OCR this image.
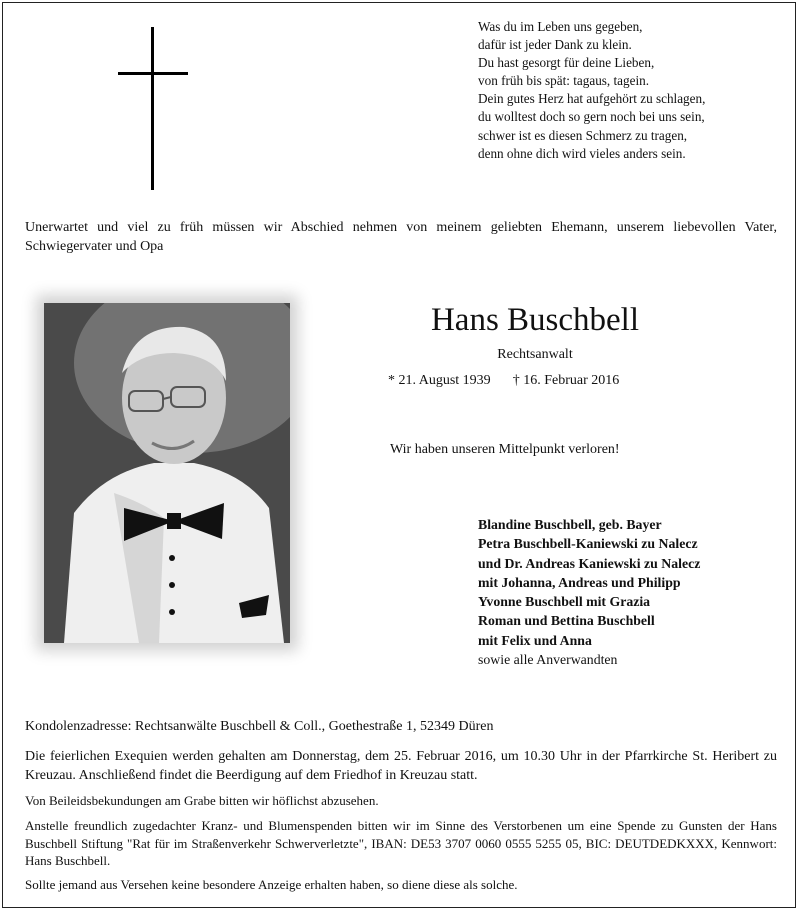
Was du im Leben uns gegeben,
dafür ist jeder Dank zu klein.
Du hast gesorgt für deine Lieben,
von früh bis spät: tagaus, tagein.
Dein gutes Herz hat aufgehört zu schlagen,
du wolltest doch so gern noch bei uns sein,
schwer ist es diesen Schmerz zu tragen,
denn ohne dich wird vieles anders sein.
Unerwartet und viel zu früh müssen wir Abschied nehmen von meinem geliebten Ehemann, unserem liebevollen Vater, Schwiegervater und Opa
Hans Buschbell
Rechtsanwalt
* 21. August 1939 † 16. Februar 2016
Wir haben unseren Mittelpunkt verloren!
Blandine Buschbell, geb. Bayer
Petra Buschbell-Kaniewski zu Nalecz
und Dr. Andreas Kaniewski zu Nalecz
mit Johanna, Andreas und Philipp
Yvonne Buschbell mit Grazia
Roman und Bettina Buschbell
mit Felix und Anna
sowie alle Anverwandten
Kondolenzadresse: Rechtsanwälte Buschbell & Coll., Goethestraße 1, 52349 Düren
Die feierlichen Exequien werden gehalten am Donnerstag, dem 25. Februar 2016, um 10.30 Uhr in der Pfarrkirche St. Heribert zu Kreuzau. Anschließend findet die Beerdigung auf dem Friedhof in Kreuzau statt.
Von Beileidsbekundungen am Grabe bitten wir höflichst abzusehen.
Anstelle freundlich zugedachter Kranz- und Blumenspenden bitten wir im Sinne des Verstorbenen um eine Spende zu Gunsten der Hans Buschbell Stiftung "Rat für im Straßenverkehr Schwerverletzte", IBAN: DE53 3707 0060 0555 5255 05, BIC: DEUTDEDKXXX, Kennwort: Hans Buschbell.
Sollte jemand aus Versehen keine besondere Anzeige erhalten haben, so diene diese als solche.
